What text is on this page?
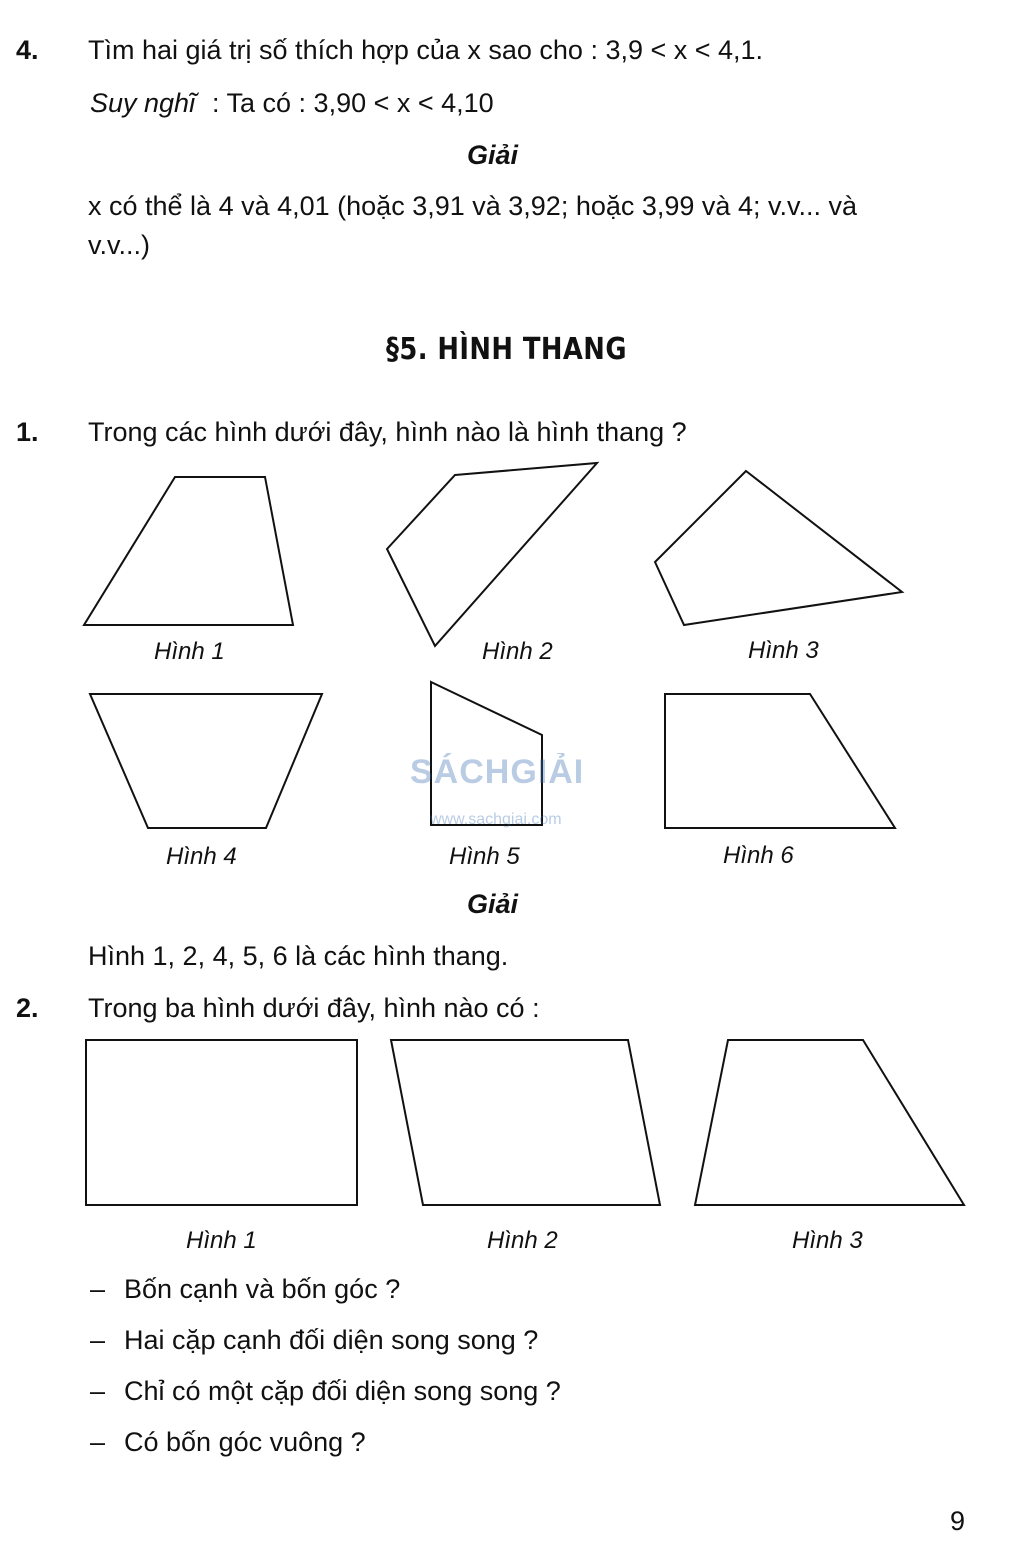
4. Tìm hai giá trị số thích hợp của x sao cho : 3,9 < x < 4,1.
Suy nghĩ : Ta có : 3,90 < x < 4,10
Giải
x có thể là 4 và 4,01 (hoặc 3,91 và 3,92; hoặc 3,99 và 4; v.v... và
v.v...)
§5. HÌNH THANG
1. Trong các hình dưới đây, hình nào là hình thang ?
Hình 1	Hình 2	Hình 3
Hình 4	Hình 5	Hình 6
SÁCHGIẢI
www.sachgiai.com
Giải
Hình 1, 2, 4, 5, 6 là các hình thang.
2. Trong ba hình dưới đây, hình nào có :
Hình 1	Hình 2	Hình 3
– Bốn cạnh và bốn góc ?
– Hai cặp cạnh đối diện song song ?
– Chỉ có một cặp đối diện song song ?
– Có bốn góc vuông ?
9
